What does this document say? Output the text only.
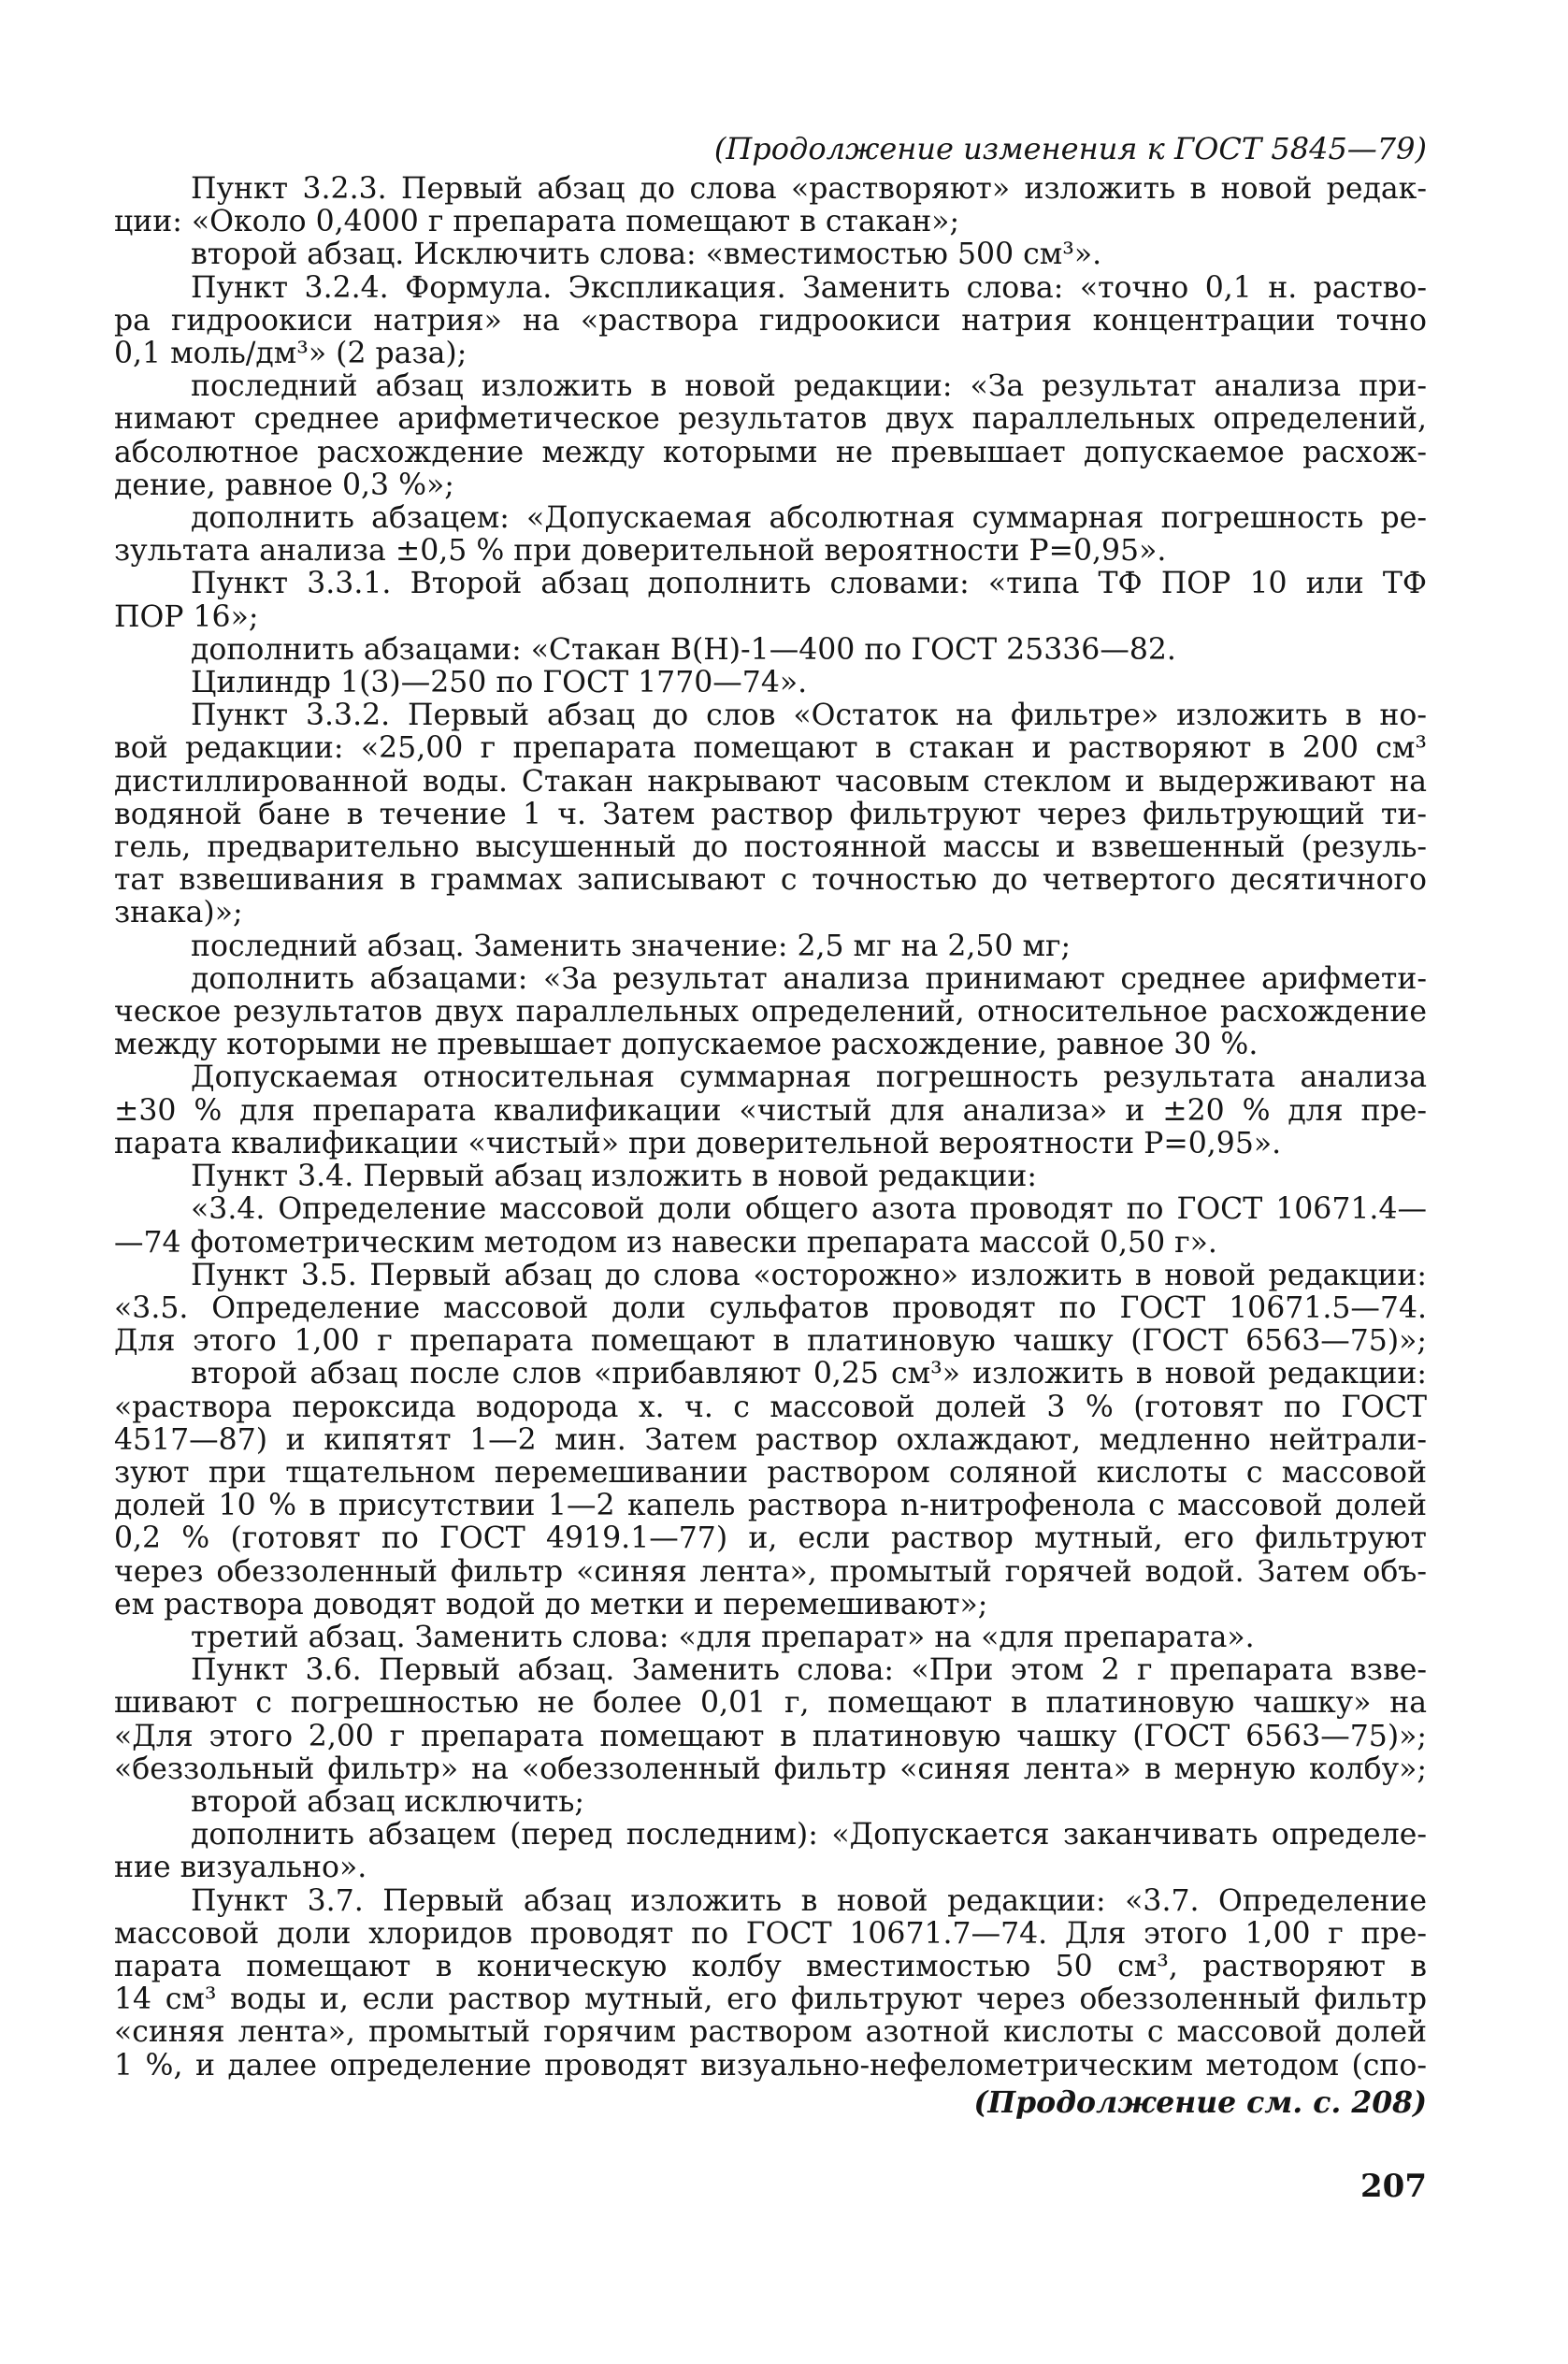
(Продолжение изменения к ГОСТ 5845—79)
Пункт 3.2.3. Первый абзац до слова «растворяют» изложить в новой редак-
ции: «Около 0,4000 г препарата помещают в стакан»;
второй абзац. Исключить слова: «вместимостью 500 см³».
Пункт 3.2.4. Формула. Экспликация. Заменить слова: «точно 0,1 н. раство-
ра гидроокиси натрия» на «раствора гидроокиси натрия концентрации точно
0,1 моль/дм³» (2 раза);
последний абзац изложить в новой редакции: «За результат анализа при-
нимают среднее арифметическое результатов двух параллельных определений,
абсолютное расхождение между которыми не превышает допускаемое расхож-
дение, равное 0,3 %»;
дополнить абзацем: «Допускаемая абсолютная суммарная погрешность ре-
зультата анализа ±0,5 % при доверительной вероятности P=0,95».
Пункт 3.3.1. Второй абзац дополнить словами: «типа ТФ ПОР 10 или ТФ
ПОР 16»;
дополнить абзацами: «Стакан В(Н)-1—400 по ГОСТ 25336—82.
Цилиндр 1(3)—250 по ГОСТ 1770—74».
Пункт 3.3.2. Первый абзац до слов «Остаток на фильтре» изложить в но-
вой редакции: «25,00 г препарата помещают в стакан и растворяют в 200 см³
дистиллированной воды. Стакан накрывают часовым стеклом и выдерживают на
водяной бане в течение 1 ч. Затем раствор фильтруют через фильтрующий ти-
гель, предварительно высушенный до постоянной массы и взвешенный (резуль-
тат взвешивания в граммах записывают с точностью до четвертого десятичного
знака)»;
последний абзац. Заменить значение: 2,5 мг на 2,50 мг;
дополнить абзацами: «За результат анализа принимают среднее арифмети-
ческое результатов двух параллельных определений, относительное расхождение
между которыми не превышает допускаемое расхождение, равное 30 %.
Допускаемая относительная суммарная погрешность результата анализа
±30 % для препарата квалификации «чистый для анализа» и ±20 % для пре-
парата квалификации «чистый» при доверительной вероятности P=0,95».
Пункт 3.4. Первый абзац изложить в новой редакции:
«3.4. Определение массовой доли общего азота проводят по ГОСТ 10671.4—
—74 фотометрическим методом из навески препарата массой 0,50 г».
Пункт 3.5. Первый абзац до слова «осторожно» изложить в новой редакции:
«3.5. Определение массовой доли сульфатов проводят по ГОСТ 10671.5—74.
Для этого 1,00 г препарата помещают в платиновую чашку (ГОСТ 6563—75)»;
второй абзац после слов «прибавляют 0,25 см³» изложить в новой редакции:
«раствора пероксида водорода х. ч. с массовой долей 3 % (готовят по ГОСТ
4517—87) и кипятят 1—2 мин. Затем раствор охлаждают, медленно нейтрали-
зуют при тщательном перемешивании раствором соляной кислоты с массовой
долей 10 % в присутствии 1—2 капель раствора n-нитрофенола с массовой долей
0,2 % (готовят по ГОСТ 4919.1—77) и, если раствор мутный, его фильтруют
через обеззоленный фильтр «синяя лента», промытый горячей водой. Затем объ-
ем раствора доводят водой до метки и перемешивают»;
третий абзац. Заменить слова: «для препарат» на «для препарата».
Пункт 3.6. Первый абзац. Заменить слова: «При этом 2 г препарата взве-
шивают с погрешностью не более 0,01 г, помещают в платиновую чашку» на
«Для этого 2,00 г препарата помещают в платиновую чашку (ГОСТ 6563—75)»;
«беззольный фильтр» на «обеззоленный фильтр «синяя лента» в мерную колбу»;
второй абзац исключить;
дополнить абзацем (перед последним): «Допускается заканчивать определе-
ние визуально».
Пункт 3.7. Первый абзац изложить в новой редакции: «3.7. Определение
массовой доли хлоридов проводят по ГОСТ 10671.7—74. Для этого 1,00 г пре-
парата помещают в коническую колбу вместимостью 50 см³, растворяют в
14 см³ воды и, если раствор мутный, его фильтруют через обеззоленный фильтр
«синяя лента», промытый горячим раствором азотной кислоты с массовой долей
1 %, и далее определение проводят визуально-нефелометрическим методом (спо-
(Продолжение см. с. 208)
207
